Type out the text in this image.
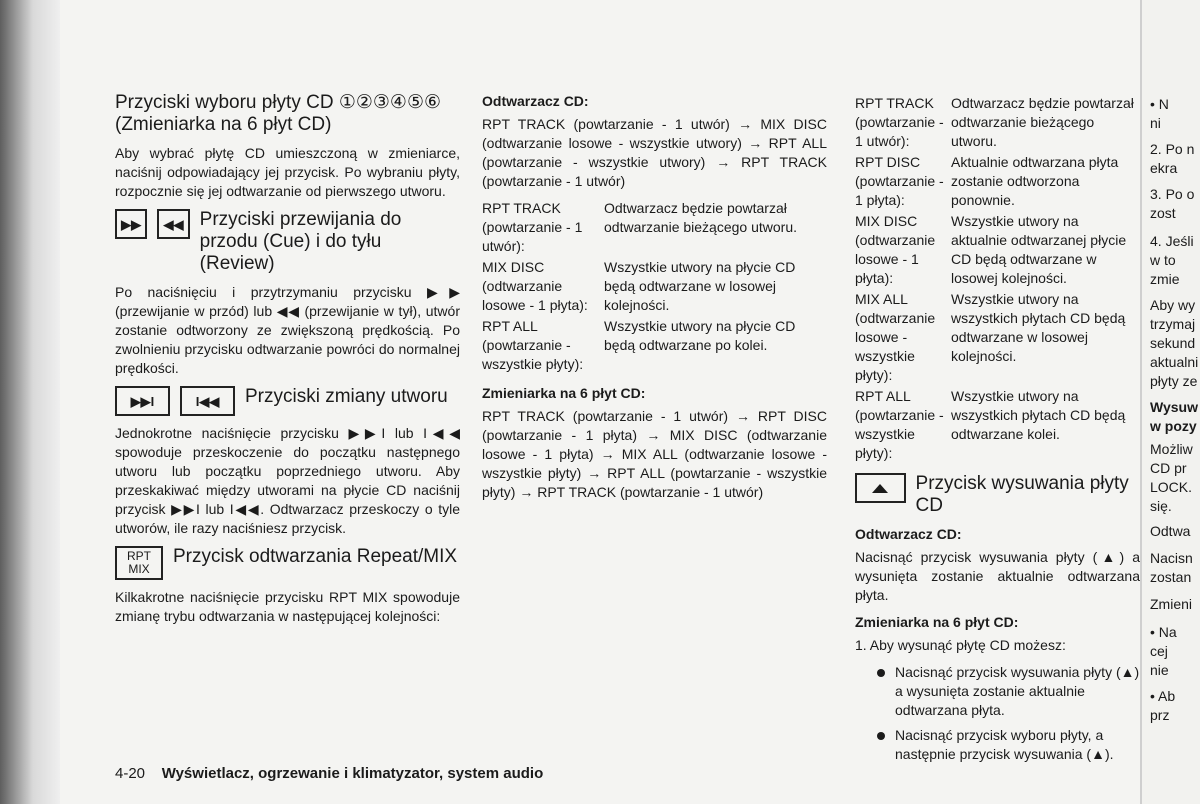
Przyciski wyboru płyty CD ①②③④⑤⑥ (Zmieniarka na 6 płyt CD)

Aby wybrać płytę CD umieszczoną w zmieniarce, naciśnij odpowiadający jej przycisk. Po wybraniu płyty, rozpocznie się jej odtwarzanie od pierwszego utworu.

▶▶	◀◀ Przyciski przewijania do przodu (Cue) i do tyłu (Review)

Po naciśnięciu i przytrzymaniu przycisku ▶▶ (przewijanie w przód) lub ◀◀ (przewijanie w tył), utwór zostanie odtworzony ze zwiększoną prędkością. Po zwolnieniu przycisku odtwarzanie powróci do normalnej prędkości.

▶▶I	I◀◀	Przyciski zmiany utworu

Jednokrotne naciśnięcie przycisku ▶▶I lub I◀◀ spowoduje przeskoczenie do początku następnego utworu lub początku poprzedniego utworu. Aby przeskakiwać między utworami na płycie CD naciśnij przycisk ▶▶I lub I◀◀. Odtwarzacz przeskoczy o tyle utworów, ile razy naciśniesz przycisk.

RPT
MIX
Przycisk odtwarzania Repeat/MIX

Kilkakrotne naciśnięcie przycisku RPT MIX spowoduje zmianę trybu odtwarzania w następującej kolejności:

Odtwarzacz CD:

RPT TRACK (powtarzanie - 1 utwór) → MIX DISC (odtwarzanie losowe - wszystkie utwory) → RPT ALL (powtarzanie - wszystkie utwory) → RPT TRACK (powtarzanie - 1 utwór)

RPT TRACK (powtarzanie - 1 utwór):	Odtwarzacz będzie powtarzał odtwarzanie bieżącego utworu.
MIX DISC (odtwarzanie losowe - 1 płyta):	Wszystkie utwory na płycie CD będą odtwarzane w losowej kolejności.
RPT ALL (powtarzanie - wszystkie płyty):	Wszystkie utwory na płycie CD będą odtwarzane po kolei.
Zmieniarka na 6 płyt CD:

RPT TRACK (powtarzanie - 1 utwór) → RPT DISC (powtarzanie - 1 płyta) → MIX DISC (odtwarzanie losowe - 1 płyta) → MIX ALL (odtwarzanie losowe - wszystkie płyty) → RPT ALL (powtarzanie - wszystkie płyty) → RPT TRACK (powtarzanie - 1 utwór)

RPT TRACK (powtarzanie - 1 utwór):	Odtwarzacz będzie powtarzał odtwarzanie bieżącego utworu.
RPT DISC (powtarzanie - 1 płyta):	Aktualnie odtwarzana płyta zostanie odtworzona ponownie.
MIX DISC (odtwarzanie losowe - 1 płyta):	Wszystkie utwory na aktualnie odtwarzanej płycie CD będą odtwarzane w losowej kolejności.
MIX ALL (odtwarzanie losowe - wszystkie płyty):	Wszystkie utwory na wszystkich płytach CD będą odtwarzane w losowej kolejności.
RPT ALL (powtarzanie - wszystkie płyty):	Wszystkie utwory na wszystkich płytach CD będą odtwarzane kolei.
Przycisk wysuwania płyty CD
Odtwarzacz CD:

Nacisnąć przycisk wysuwania płyty (▲) a wysunięta zostanie aktualnie odtwarzana płyta.

Zmieniarka na 6 płyt CD:

1. Aby wysunąć płytę CD możesz:

Nacisnąć przycisk wysuwania płyty (▲) a wysunięta zostanie aktualnie odtwarzana płyta.
Nacisnąć przycisk wyboru płyty, a następnie przycisk wysuwania (▲).
• N
ni
2. Po n
ekra
3. Po o
zost
4. Jeśli
w to
zmie
Aby wy
trzymaj
sekund
aktualni
płyty ze
Wysuw
w pozy
Możliw
CD pr
LOCK.
się.
Odtwa
Nacisn
zostan
Zmieni
• Na
cej
nie
• Ab
prz
4-20 Wyświetlacz, ogrzewanie i klimatyzator, system audio
